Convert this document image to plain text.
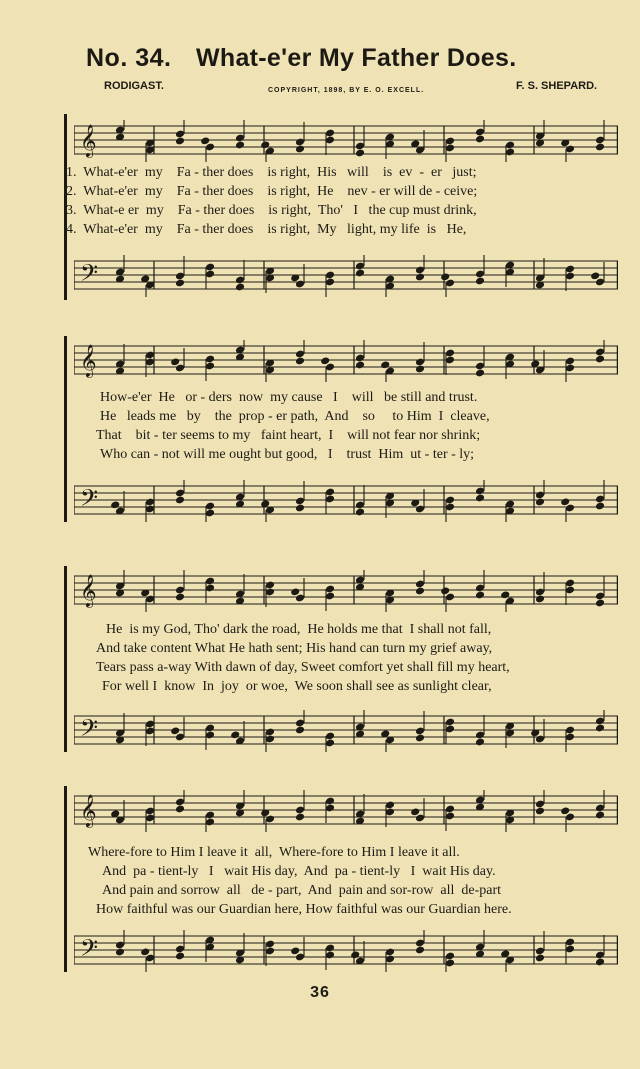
No. 34. What-e'er My Father Does.
RODIGAST.	COPYRIGHT, 1898, BY E. O. EXCELL.	F. S. SHEPARD.
𝄞
1.  What-e'er  my    Fa - ther does    is right,  His   will    is  ev  -  er   just;
2.  What-e'er  my    Fa - ther does    is right,  He    nev - er will de - ceive;
3.  What-e er  my    Fa - ther does    is right,  Tho'   I   the cup must drink,
4.  What-e'er  my    Fa - ther does    is right,  My   light, my life  is   He,
𝄢
𝄞
How-e'er  He   or - ders  now  my cause   I    will   be still and trust.
He   leads me   by    the  prop - er path,  And    so     to Him  I  cleave,
That    bit - ter seems to my   faint heart,  I    will not fear nor shrink;
Who can - not will me ought but good,   I    trust  Him  ut - ter - ly;
𝄢
𝄞
He  is my God, Tho' dark the road,  He holds me that  I shall not fall,
And take content What He hath sent; His hand can turn my grief away,
Tears pass a-way With dawn of day, Sweet comfort yet shall fill my heart,
For well I  know  In  joy  or woe,  We soon shall see as sunlight clear,
𝄢
𝄞
Where-fore to Him I leave it  all,  Where-fore to Him I leave it all.
And  pa - tient-ly   I   wait His day,  And  pa - tient-ly   I  wait His day.
And pain and sorrow  all   de - part,  And  pain and sor-row  all  de-part
How faithful was our Guardian here, How faithful was our Guardian here.
𝄢
36
